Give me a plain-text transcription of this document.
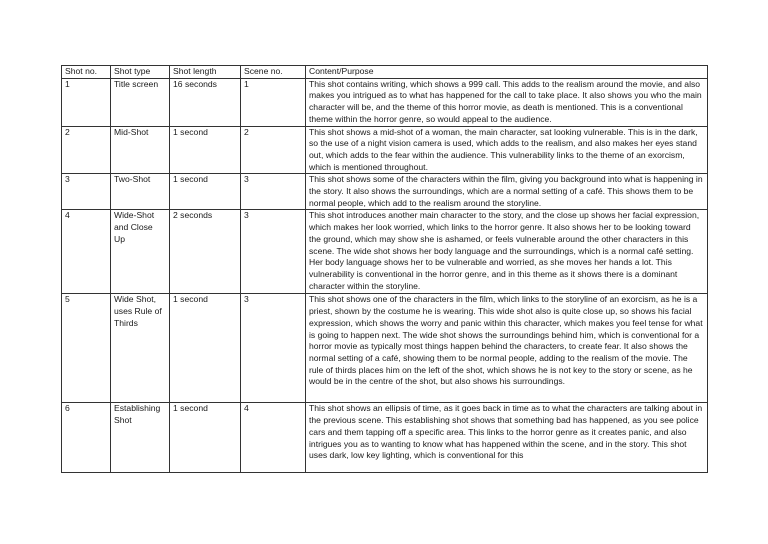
Shot no.	Shot type	Shot length	Scene no.	Content/Purpose
1	Title screen	16 seconds	1	This shot contains writing, which shows a 999 call. This adds to the realism around the movie, and also makes you intrigued as to what has happened for the call to take place. It also shows you who the main character will be, and the theme of this horror movie, as death is mentioned. This is a conventional theme within the horror genre, so would appeal to the audience.
2	Mid-Shot	1 second	2	This shot shows a mid-shot of a woman, the main character, sat looking vulnerable. This is in the dark, so the use of a night vision camera is used, which adds to the realism, and also makes her eyes stand out, which adds to the fear within the audience. This vulnerability links to the theme of an exorcism, which is mentioned throughout.
3	Two-Shot	1 second	3	This shot shows some of the characters within the film, giving you background into what is happening in the story. It also shows the surroundings, which are a normal setting of a café. This shows them to be normal people, which add to the realism around the storyline.
4	Wide-Shot and Close Up	2 seconds	3	This shot introduces another main character to the story, and the close up shows her facial expression, which makes her look worried, which links to the horror genre. It also shows her to be looking toward the ground, which may show she is ashamed, or feels vulnerable around the other characters in this scene. The wide shot shows her body language and the surroundings, which is a normal café setting. Her body language shows her to be vulnerable and worried, as she moves her hands a lot. This vulnerability is conventional in the horror genre, and in this theme as it shows there is a dominant character within the storyline.
5	Wide Shot, uses Rule of Thirds	1 second	3	This shot shows one of the characters in the film, which links to the storyline of an exorcism, as he is a priest, shown by the costume he is wearing. This wide shot also is quite close up, so shows his facial expression, which shows the worry and panic within this character, which makes you feel tense for what is going to happen next. The wide shot shows the surroundings behind him, which is conventional for a horror movie as typically most things happen behind the characters, to create fear. It also shows the normal setting of a café, showing them to be normal people, adding to the realism of the movie. The rule of thirds places him on the left of the shot, which shows he is not key to the story or scene, as he would be in the centre of the shot, but also shows his surroundings.
6	Establishing Shot	1 second	4	This shot shows an ellipsis of time, as it goes back in time as to what the characters are talking about in the previous scene. This establishing shot shows that something bad has happened, as you see police cars and them tapping off a specific area. This links to the horror genre as it creates panic, and also intrigues you as to wanting to know what has happened within the scene, and in the story. This shot uses dark, low key lighting, which is conventional for this
